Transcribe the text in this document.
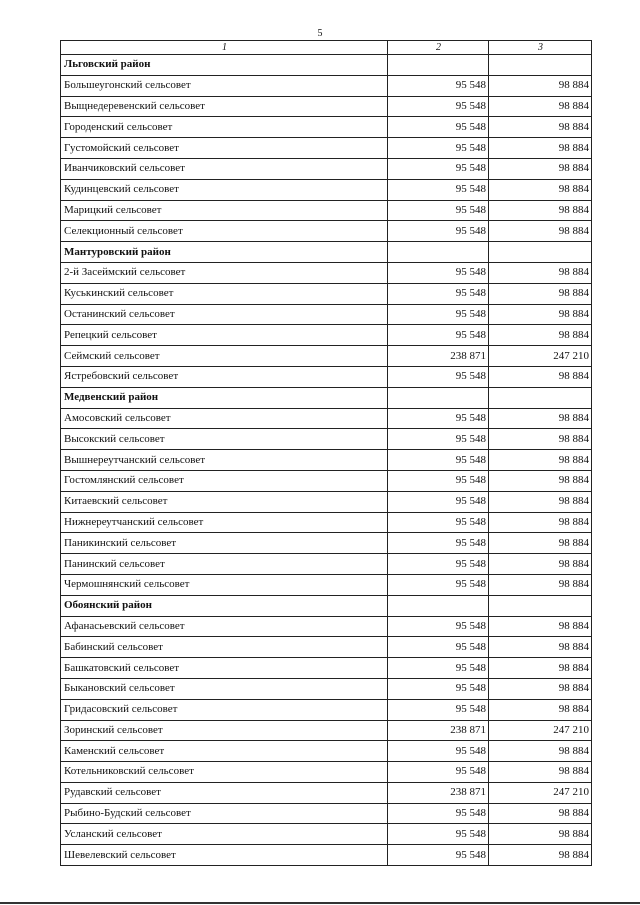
5
1	2	3
Льговский район		
Большеугонский сельсовет	95 548	98 884
Выщнедеревенский сельсовет	95 548	98 884
Городенский сельсовет	95 548	98 884
Густомойский сельсовет	95 548	98 884
Иванчиковский сельсовет	95 548	98 884
Кудинцевский сельсовет	95 548	98 884
Марицкий сельсовет	95 548	98 884
Селекционный сельсовет	95 548	98 884
Мантуровский район		
2-й Засеймский сельсовет	95 548	98 884
Куськинский сельсовет	95 548	98 884
Останинский сельсовет	95 548	98 884
Репецкий сельсовет	95 548	98 884
Сеймский сельсовет	238 871	247 210
Ястребовский сельсовет	95 548	98 884
Медвенский район		
Амосовский сельсовет	95 548	98 884
Высокский сельсовет	95 548	98 884
Вышнереутчанский сельсовет	95 548	98 884
Гостомлянский сельсовет	95 548	98 884
Китаевский сельсовет	95 548	98 884
Нижнереутчанский сельсовет	95 548	98 884
Паникинский сельсовет	95 548	98 884
Панинский сельсовет	95 548	98 884
Чермошнянский сельсовет	95 548	98 884
Обоянский район		
Афанасьевский сельсовет	95 548	98 884
Бабинский сельсовет	95 548	98 884
Башкатовский сельсовет	95 548	98 884
Быкановский сельсовет	95 548	98 884
Гридасовский сельсовет	95 548	98 884
Зоринский сельсовет	238 871	247 210
Каменский сельсовет	95 548	98 884
Котельниковский сельсовет	95 548	98 884
Рудавский сельсовет	238 871	247 210
Рыбино-Будский сельсовет	95 548	98 884
Усланский сельсовет	95 548	98 884
Шевелевский сельсовет	95 548	98 884
